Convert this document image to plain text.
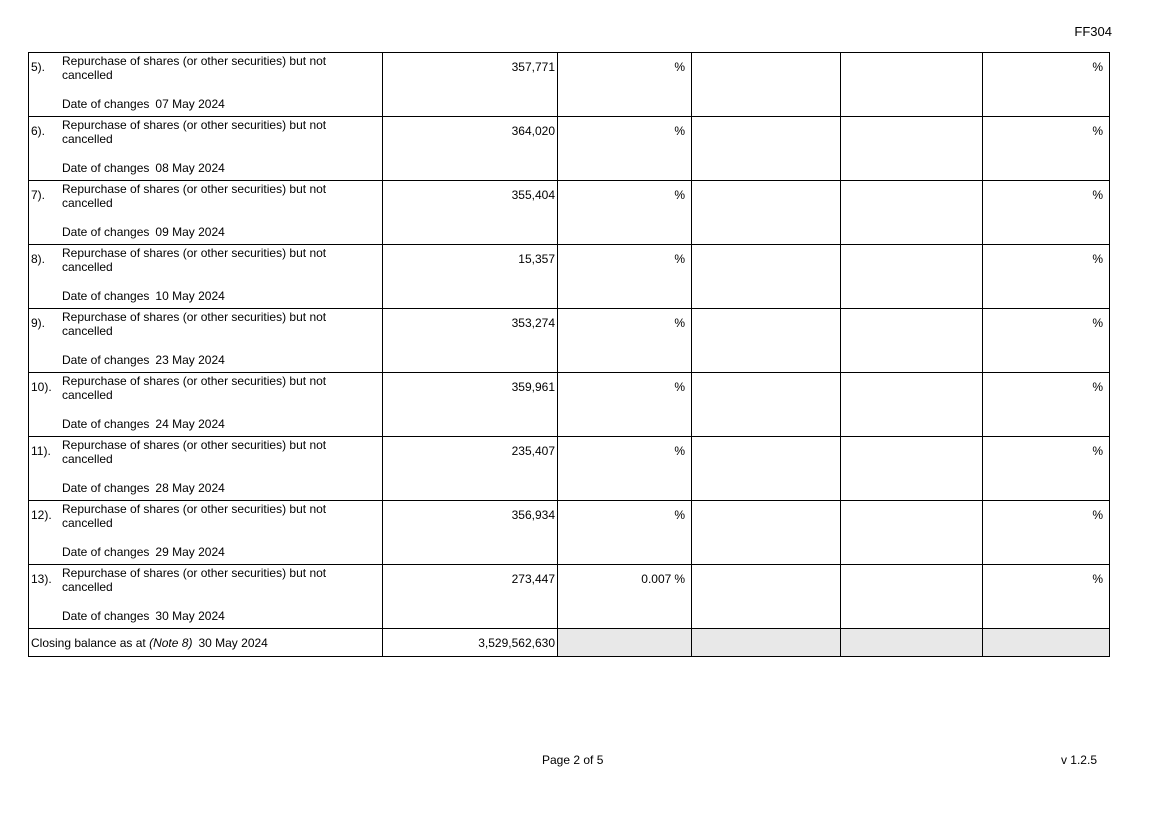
FF304
5). Repurchase of shares (or other securities) but not cancelled
Date of changes 07 May 2024	357,771	%			%

6). Repurchase of shares (or other securities) but not cancelled
Date of changes 08 May 2024	364,020	%			%

7). Repurchase of shares (or other securities) but not cancelled
Date of changes 09 May 2024	355,404	%			%

8). Repurchase of shares (or other securities) but not cancelled
Date of changes 10 May 2024	15,357	%			%

9). Repurchase of shares (or other securities) but not cancelled
Date of changes 23 May 2024	353,274	%			%

10). Repurchase of shares (or other securities) but not cancelled
Date of changes 24 May 2024	359,961	%			%

11). Repurchase of shares (or other securities) but not cancelled
Date of changes 28 May 2024	235,407	%			%

12). Repurchase of shares (or other securities) but not cancelled
Date of changes 29 May 2024	356,934	%			%

13). Repurchase of shares (or other securities) but not cancelled
Date of changes 30 May 2024	273,447	0.007 %			%

Closing balance as at (Note 8) 30 May 2024	3,529,562,630				
Page 2 of 5	v 1.2.5
